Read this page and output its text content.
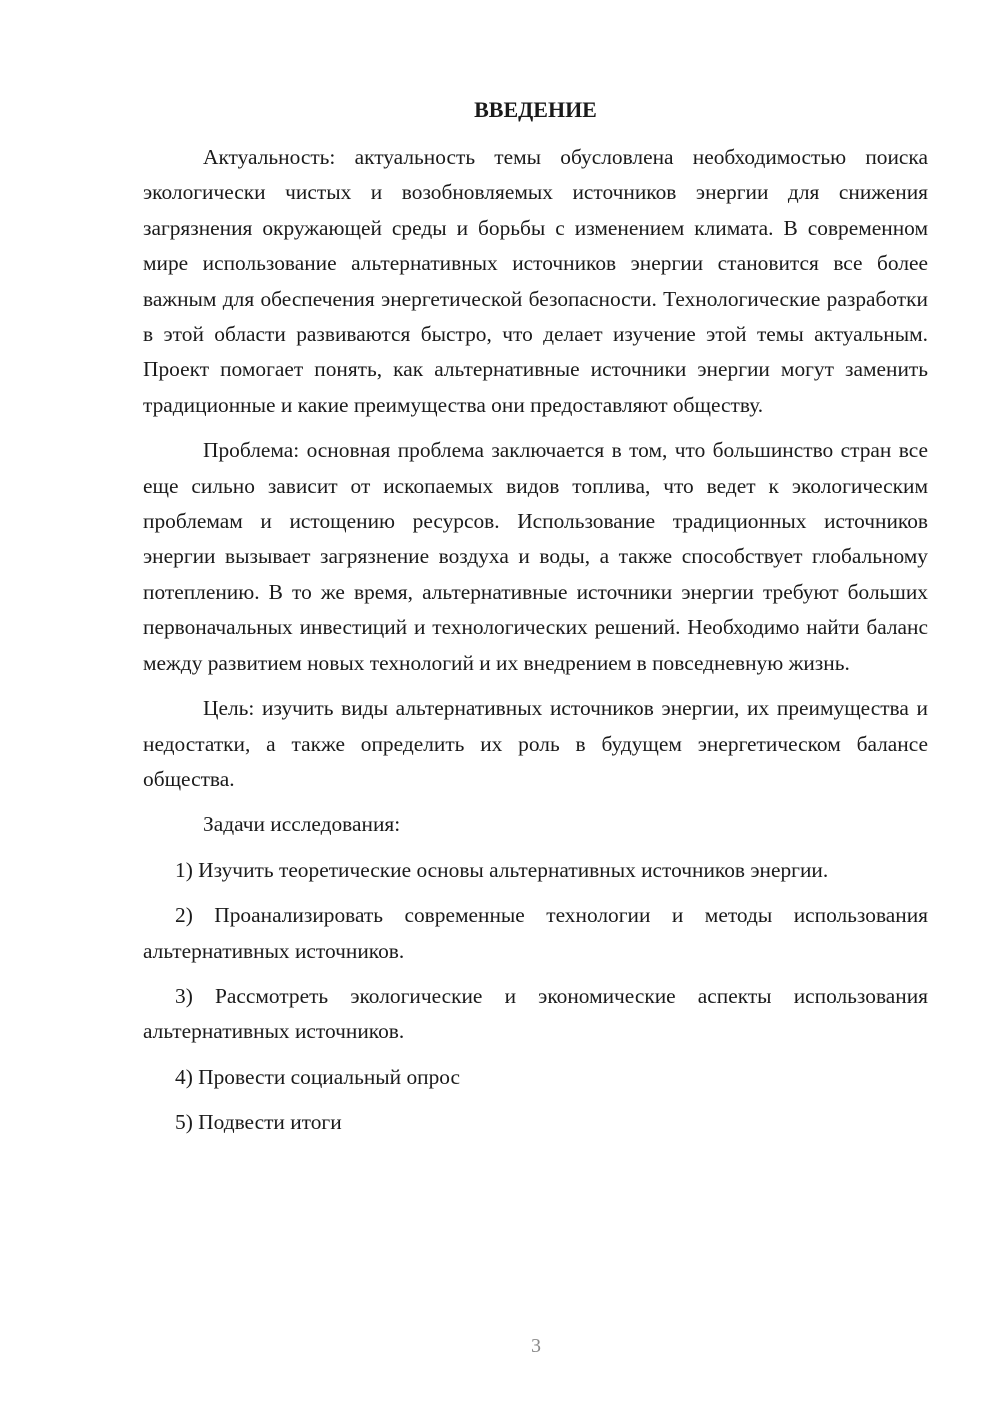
ВВЕДЕНИЕ

Актуальность: актуальность темы обусловлена необходимостью поиска экологически чистых и возобновляемых источников энергии для снижения загрязнения окружающей среды и борьбы с изменением климата. В современном мире использование альтернативных источников энергии становится все более важным для обеспечения энергетической безопасности. Технологические разработки в этой области развиваются быстро, что делает изучение этой темы актуальным. Проект помогает понять, как альтернативные источники энергии могут заменить традиционные и какие преимущества они предоставляют обществу.

Проблема: основная проблема заключается в том, что большинство стран все еще сильно зависит от ископаемых видов топлива, что ведет к экологическим проблемам и истощению ресурсов. Использование традиционных источников энергии вызывает загрязнение воздуха и воды, а также способствует глобальному потеплению. В то же время, альтернативные источники энергии требуют больших первоначальных инвестиций и технологических решений. Необходимо найти баланс между развитием новых технологий и их внедрением в повседневную жизнь.

Цель: изучить виды альтернативных источников энергии, их преимущества и недостатки, а также определить их роль в будущем энергетическом балансе общества.

Задачи исследования:

1) Изучить теоретические основы альтернативных источников энергии.

2) Проанализировать современные технологии и методы использования альтернативных источников.

3) Рассмотреть экологические и экономические аспекты использования альтернативных источников.

4) Провести социальный опрос

5) Подвести итоги

3
